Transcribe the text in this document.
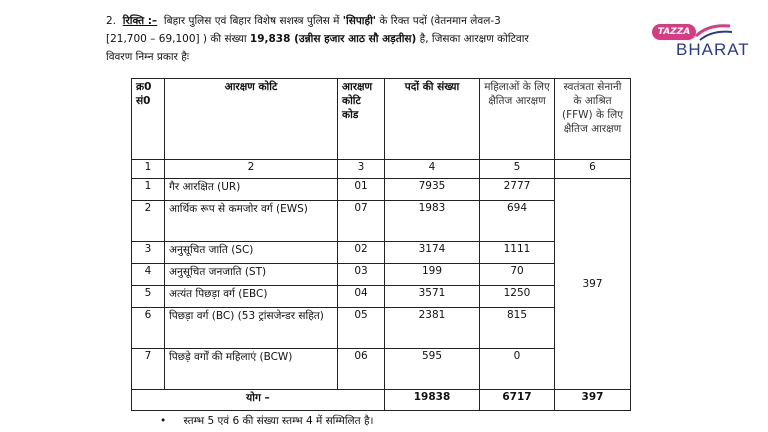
2. रिक्ति :– बिहार पुलिस एवं बिहार विशेष सशस्त्र पुलिस में 'सिपाही' के रिक्त पदों (वेतनमान लेवल-3
[21,700 – 69,100] ) की संख्या 19,838 (उन्नीस हजार आठ सौ अड़तीस) है, जिसका आरक्षण कोटिवार
विवरण निम्न प्रकार हैः
TAZZA
BHARAT
क्र0 सं0	आरक्षण कोटि	आरक्षण कोटि कोड	पदों की संख्या	महिलाओं के लिए क्षैतिज आरक्षण	स्वतंत्रता सेनानी के आश्रित (FFW) के लिए क्षैतिज आरक्षण
1	2	3	4	5	6
1	गैर आरक्षित (UR)	01	7935	2777	397
2	आर्थिक रूप से कमजोर वर्ग (EWS)	07	1983	694	
3	अनुसूचित जाति (SC)	02	3174	1111	
4	अनुसूचित जनजाति (ST)	03	199	70	
5	अत्यंत पिछड़ा वर्ग (EBC)	04	3571	1250	
6	पिछड़ा वर्ग (BC) (53 ट्रांसजेन्डर सहित)	05	2381	815	
7	पिछड़े वर्गों की महिलाएं (BCW)	06	595	0	
योग –			19838	6717	397
• स्तम्भ 5 एवं 6 की संख्या स्तम्भ 4 में सम्मिलित है।
